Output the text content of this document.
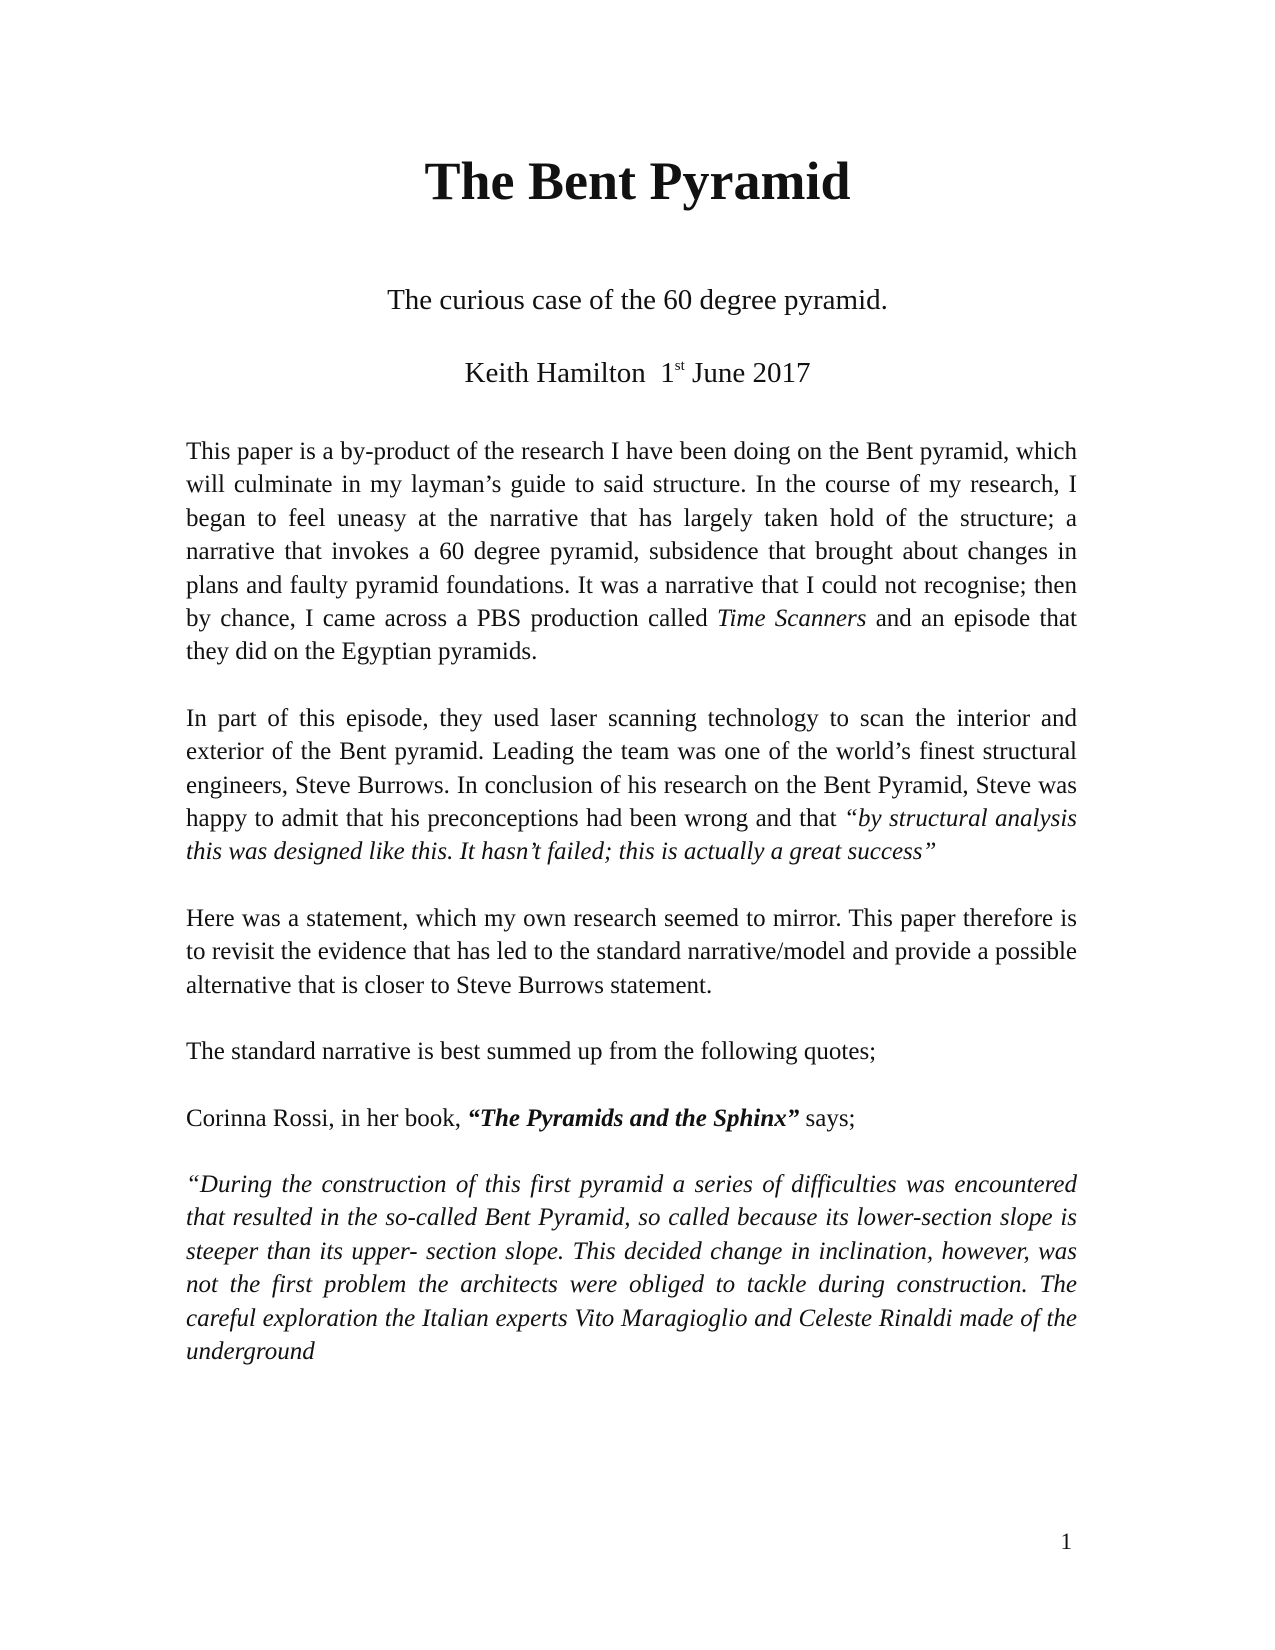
The Bent Pyramid

The curious case of the 60 degree pyramid.

Keith Hamilton 1st June 2017

This paper is a by-product of the research I have been doing on the Bent pyramid, which will culminate in my layman’s guide to said structure. In the course of my research, I began to feel uneasy at the narrative that has largely taken hold of the structure; a narrative that invokes a 60 degree pyramid, subsidence that brought about changes in plans and faulty pyramid foundations. It was a narrative that I could not recognise; then by chance, I came across a PBS production called Time Scanners and an episode that they did on the Egyptian pyramids.

In part of this episode, they used laser scanning technology to scan the interior and exterior of the Bent pyramid. Leading the team was one of the world’s finest structural engineers, Steve Burrows. In conclusion of his research on the Bent Pyramid, Steve was happy to admit that his preconceptions had been wrong and that “by structural analysis this was designed like this. It hasn’t failed; this is actually a great success”

Here was a statement, which my own research seemed to mirror. This paper therefore is to revisit the evidence that has led to the standard narrative/model and provide a possible alternative that is closer to Steve Burrows statement.

The standard narrative is best summed up from the following quotes;

Corinna Rossi, in her book, “The Pyramids and the Sphinx” says;

“During the construction of this first pyramid a series of difficulties was encountered that resulted in the so-called Bent Pyramid, so called because its lower-section slope is steeper than its upper- section slope. This decided change in inclination, however, was not the first problem the architects were obliged to tackle during construction. The careful exploration the Italian experts Vito Maragioglio and Celeste Rinaldi made of the underground

1
